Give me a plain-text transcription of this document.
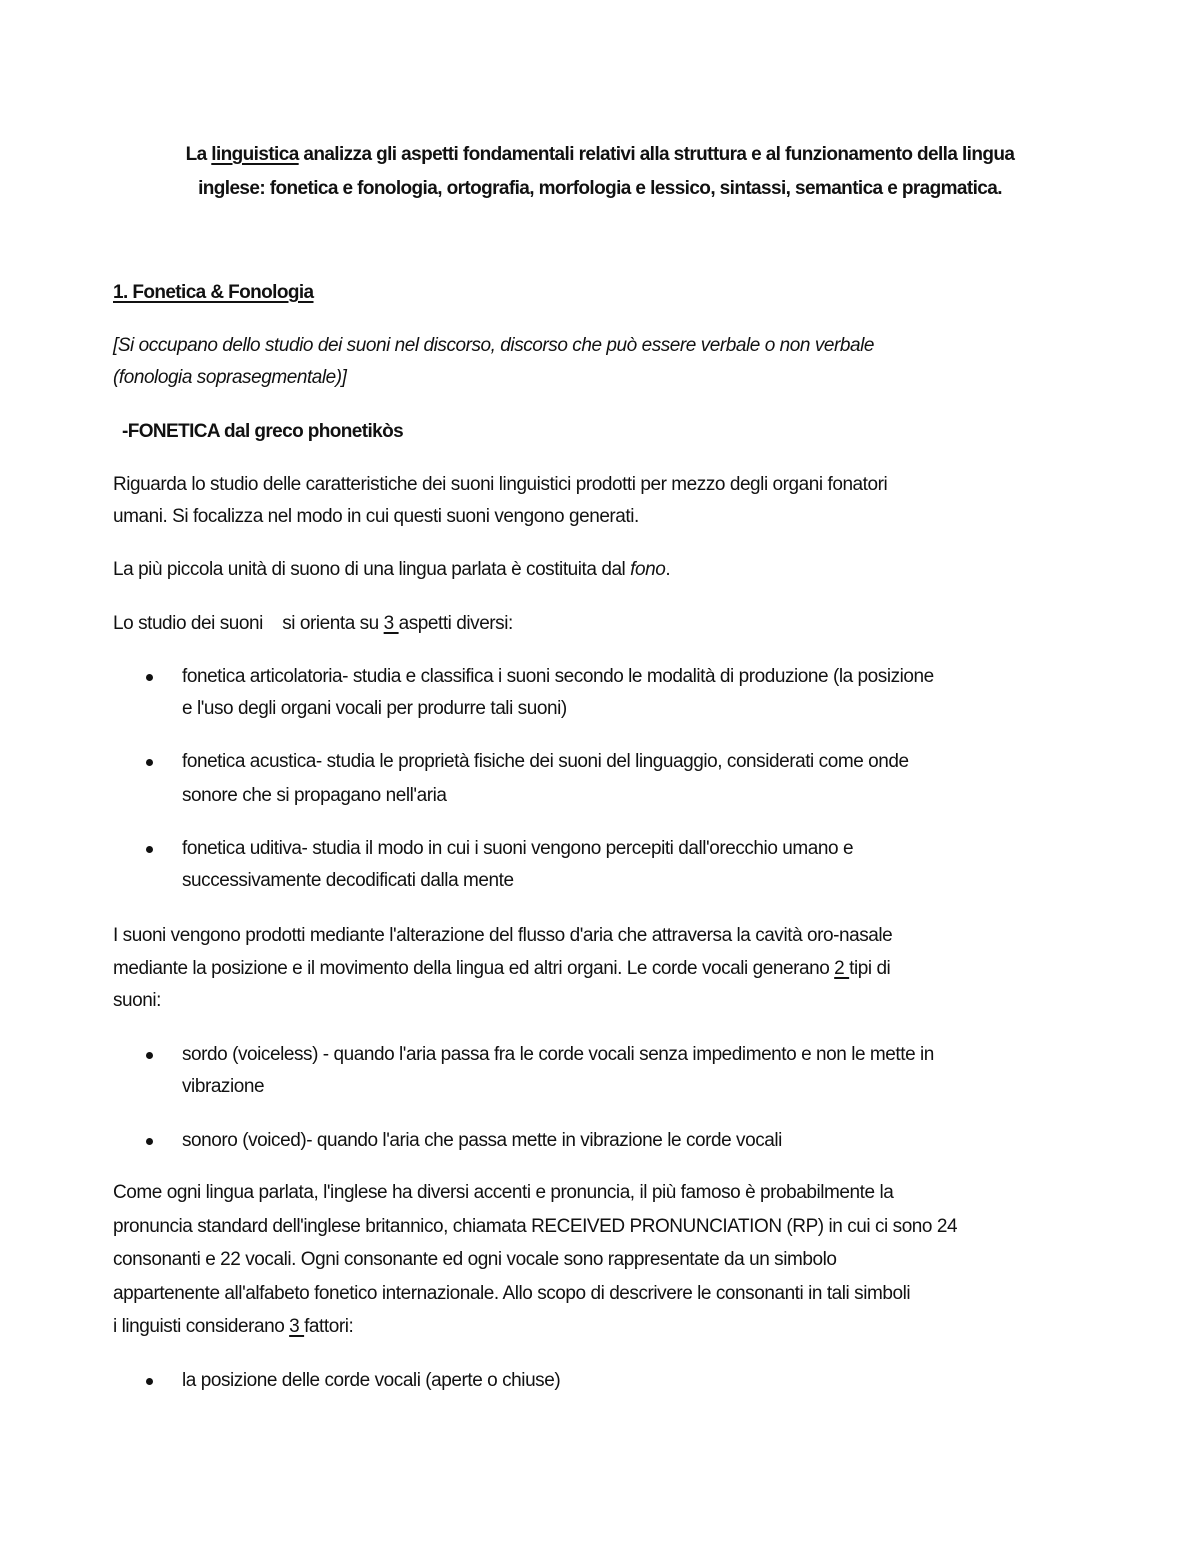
La linguistica analizza gli aspetti fondamentali relativi alla struttura e al funzionamento della lingua
inglese: fonetica e fonologia, ortografia, morfologia e lessico, sintassi, semantica e pragmatica.
1. Fonetica & Fonologia
[Si occupano dello studio dei suoni nel discorso, discorso che può essere verbale o non verbale
(fonologia soprasegmentale)]
-FONETICA dal greco phonetikòs
Riguarda lo studio delle caratteristiche dei suoni linguistici prodotti per mezzo degli organi fonatori
umani. Si focalizza nel modo in cui questi suoni vengono generati.
La più piccola unità di suono di una lingua parlata è costituita dal fono.
Lo studio dei suoni    si orienta su 3 aspetti diversi:
fonetica articolatoria- studia e classifica i suoni secondo le modalità di produzione (la posizione
e l'uso degli organi vocali per produrre tali suoni)
fonetica acustica- studia le proprietà fisiche dei suoni del linguaggio, considerati come onde
sonore che si propagano nell'aria
fonetica uditiva- studia il modo in cui i suoni vengono percepiti dall'orecchio umano e
successivamente decodificati dalla mente
I suoni vengono prodotti mediante l'alterazione del flusso d'aria che attraversa la cavità oro-nasale
mediante la posizione e il movimento della lingua ed altri organi. Le corde vocali generano 2 tipi di
suoni:
sordo (voiceless) - quando l'aria passa fra le corde vocali senza impedimento e non le mette in
vibrazione
sonoro (voiced)- quando l'aria che passa mette in vibrazione le corde vocali
Come ogni lingua parlata, l'inglese ha diversi accenti e pronuncia, il più famoso è probabilmente la
pronuncia standard dell'inglese britannico, chiamata RECEIVED PRONUNCIATION (RP) in cui ci sono 24
consonanti e 22 vocali. Ogni consonante ed ogni vocale sono rappresentate da un simbolo
appartenente all'alfabeto fonetico internazionale. Allo scopo di descrivere le consonanti in tali simboli
i linguisti considerano 3 fattori:
la posizione delle corde vocali (aperte o chiuse)
